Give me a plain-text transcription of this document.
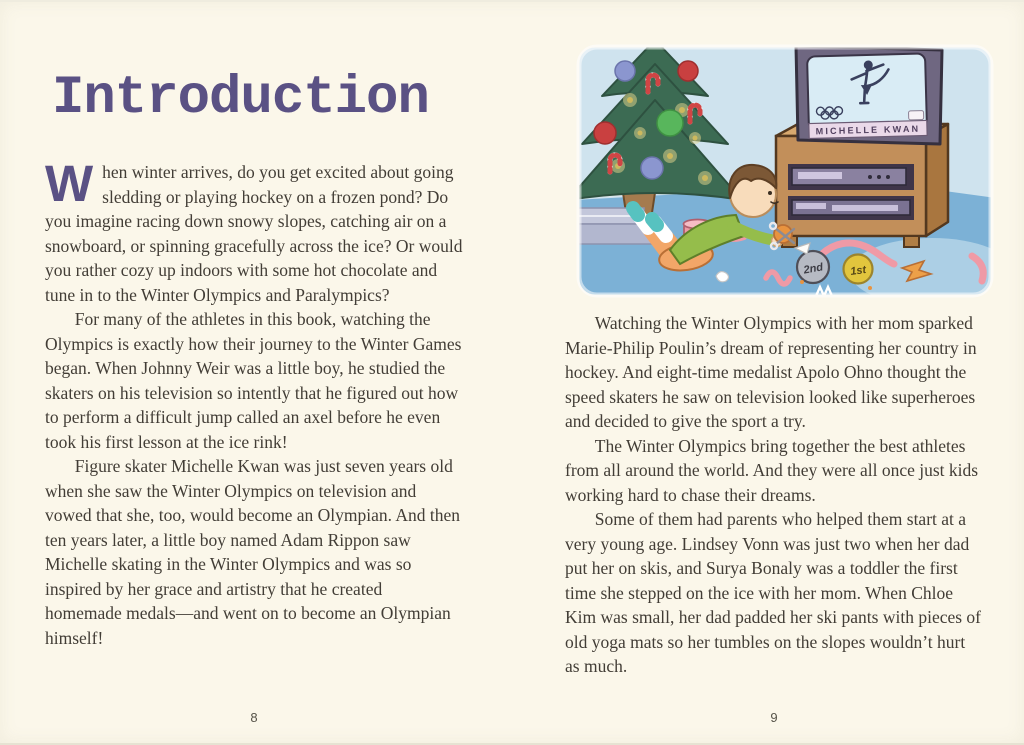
Introduction

When winter arrives, do you get excited about going sledding or playing hockey on a frozen pond? Do you imagine racing down snowy slopes, catching air on a snowboard, or spinning gracefully across the ice? Or would you rather cozy up indoors with some hot chocolate and tune in to the Winter Olympics and Paralympics?

For many of the athletes in this book, watching the Olympics is exactly how their journey to the Winter Games began. When Johnny Weir was a little boy, he studied the skaters on his television so intently that he figured out how to perform a difficult jump called an axel before he even took his first lesson at the ice rink!

Figure skater Michelle Kwan was just seven years old when she saw the Winter Olympics on television and vowed that she, too, would become an Olympian. And then ten years later, a little boy named Adam Rippon saw Michelle skating in the Winter Olympics and was so inspired by her grace and artistry that he created homemade medals—and went on to become an Olympian himself!

8
MICHELLE KWAN
2nd 1st

Watching the Winter Olympics with her mom sparked Marie-Philip Poulin’s dream of representing her country in hockey. And eight-time medalist Apolo Ohno thought the speed skaters he saw on television looked like superheroes and decided to give the sport a try.

The Winter Olympics bring together the best athletes from all around the world. And they were all once just kids working hard to chase their dreams.

Some of them had parents who helped them start at a very young age. Lindsey Vonn was just two when her dad put her on skis, and Surya Bonaly was a toddler the first time she stepped on the ice with her mom. When Chloe Kim was small, her dad padded her ski pants with pieces of old yoga mats so her tumbles on the slopes wouldn’t hurt as much.

9
